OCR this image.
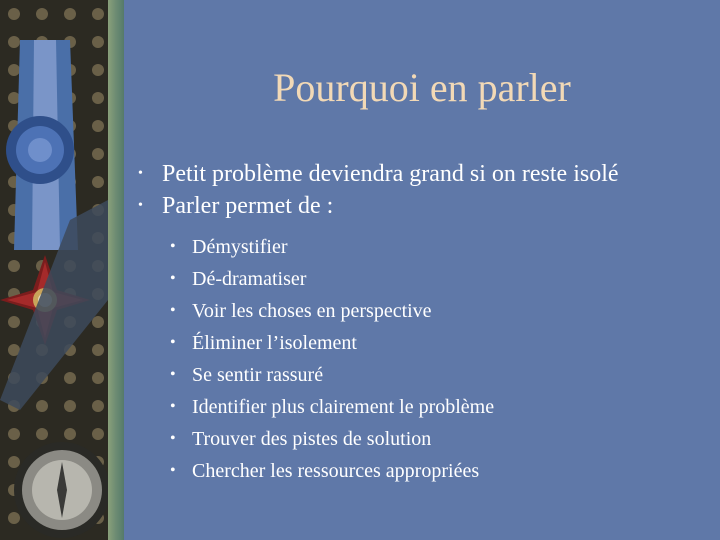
Pourquoi en parler
• Petit problème deviendra grand si on reste isolé
• Parler permet de :
• Démystifier
• Dé-dramatiser
• Voir les choses en perspective
• Éliminer l’isolement
• Se sentir rassuré
• Identifier plus clairement le problème
• Trouver des pistes de solution
• Chercher les ressources appropriées
